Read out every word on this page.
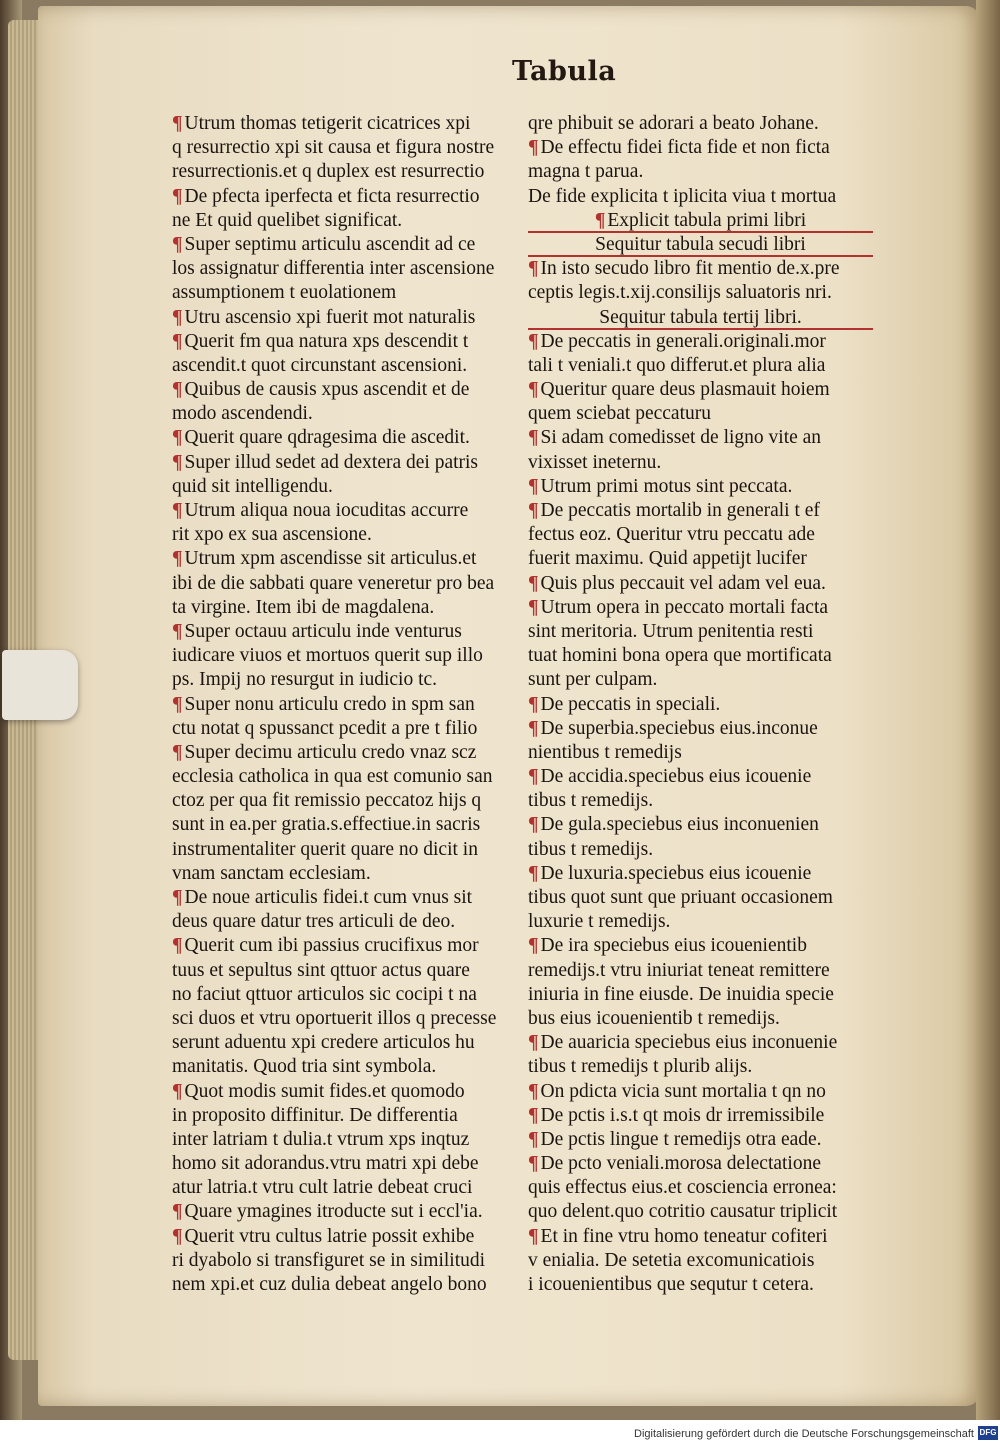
Tabula
¶ Utrum thomas tetigerit cicatrices xpi
q resurrectio xpi sit causa et figura nostre
resurrectionis.et q duplex est resurrectio
¶ De pfecta iperfecta et ficta resurrectio
ne Et quid quelibet significat.
¶ Super septimu articulu ascendit ad ce
los assignatur differentia inter ascensione
assumptionem t euolationem
¶ Utru ascensio xpi fuerit mot naturalis
¶ Querit fm qua natura xps descendit t
ascendit.t quot circunstant ascensioni.
¶ Quibus de causis xpus ascendit et de
modo ascendendi.
¶ Querit quare qdragesima die ascedit.
¶ Super illud sedet ad dextera dei patris
quid sit intelligendu.
¶ Utrum aliqua noua iocuditas accurre
rit xpo ex sua ascensione.
¶ Utrum xpm ascendisse sit articulus.et
ibi de die sabbati quare veneretur pro bea
ta virgine. Item ibi de magdalena.
¶ Super octauu articulu inde venturus
iudicare viuos et mortuos querit sup illo
ps. Impij no resurgut in iudicio tc.
¶ Super nonu articulu credo in spm san
ctu notat q spussanct pcedit a pre t filio
¶ Super decimu articulu credo vnaz scz
ecclesia catholica in qua est comunio san
ctoz per qua fit remissio peccatoz hijs q
sunt in ea.per gratia.s.effectiue.in sacris
instrumentaliter querit quare no dicit in
vnam sanctam ecclesiam.
¶ De noue articulis fidei.t cum vnus sit
deus quare datur tres articuli de deo.
¶ Querit cum ibi passius crucifixus mor
tuus et sepultus sint qttuor actus quare
no faciut qttuor articulos sic cocipi t na
sci duos et vtru oportuerit illos q precesse
serunt aduentu xpi credere articulos hu
manitatis. Quod tria sint symbola.
¶ Quot modis sumit fides.et quomodo
in proposito diffinitur. De differentia
inter latriam t dulia.t vtrum xps inqtuz
homo sit adorandus.vtru matri xpi debe
atur latria.t vtru cult latrie debeat cruci
¶ Quare ymagines itroducte sut i eccl'ia.
¶ Querit vtru cultus latrie possit exhibe
ri dyabolo si transfiguret se in similitudi
nem xpi.et cuz dulia debeat angelo bono
qre phibuit se adorari a beato Johane.
¶ De effectu fidei ficta fide et non ficta
magna t parua.
De fide explicita t iplicita viua t mortua
¶ Explicit tabula primi libri
Sequitur tabula secudi libri
¶ In isto secudo libro fit mentio de.x.pre
ceptis legis.t.xij.consilijs saluatoris nri.
Sequitur tabula tertij libri.
¶ De peccatis in generali.originali.mor
tali t veniali.t quo differut.et plura alia
¶ Queritur quare deus plasmauit hoiem
quem sciebat peccaturu
¶ Si adam comedisset de ligno vite an
vixisset ineternu.
¶ Utrum primi motus sint peccata.
¶ De peccatis mortalib in generali t ef
fectus eoz. Queritur vtru peccatu ade
fuerit maximu. Quid appetijt lucifer
¶ Quis plus peccauit vel adam vel eua.
¶ Utrum opera in peccato mortali facta
sint meritoria. Utrum penitentia resti
tuat homini bona opera que mortificata
sunt per culpam.
¶ De peccatis in speciali.
¶ De superbia.speciebus eius.inconue
nientibus t remedijs
¶ De accidia.speciebus eius icouenie
tibus t remedijs.
¶ De gula.speciebus eius inconuenien
tibus t remedijs.
¶ De luxuria.speciebus eius icouenie
tibus quot sunt que priuant occasionem
luxurie t remedijs.
¶ De ira speciebus eius icouenientib
remedijs.t vtru iniuriat teneat remittere
iniuria in fine eiusde. De inuidia specie
bus eius icouenientib t remedijs.
¶ De auaricia speciebus eius inconuenie
tibus t remedijs t plurib alijs.
¶ On pdicta vicia sunt mortalia t qn no
¶ De pctis i.s.t qt mois dr irremissibile
¶ De pctis lingue t remedijs otra eade.
¶ De pcto veniali.morosa delectatione
quis effectus eius.et cosciencia erronea:
quo delent.quo cotritio causatur triplicit
¶ Et in fine vtru homo teneatur cofiteri
v enialia. De setetia excomunicatiois
i icouenientibus que sequtur t cetera.
Digitalisierung gefördert durch die Deutsche Forschungsgemeinschaft DFG
